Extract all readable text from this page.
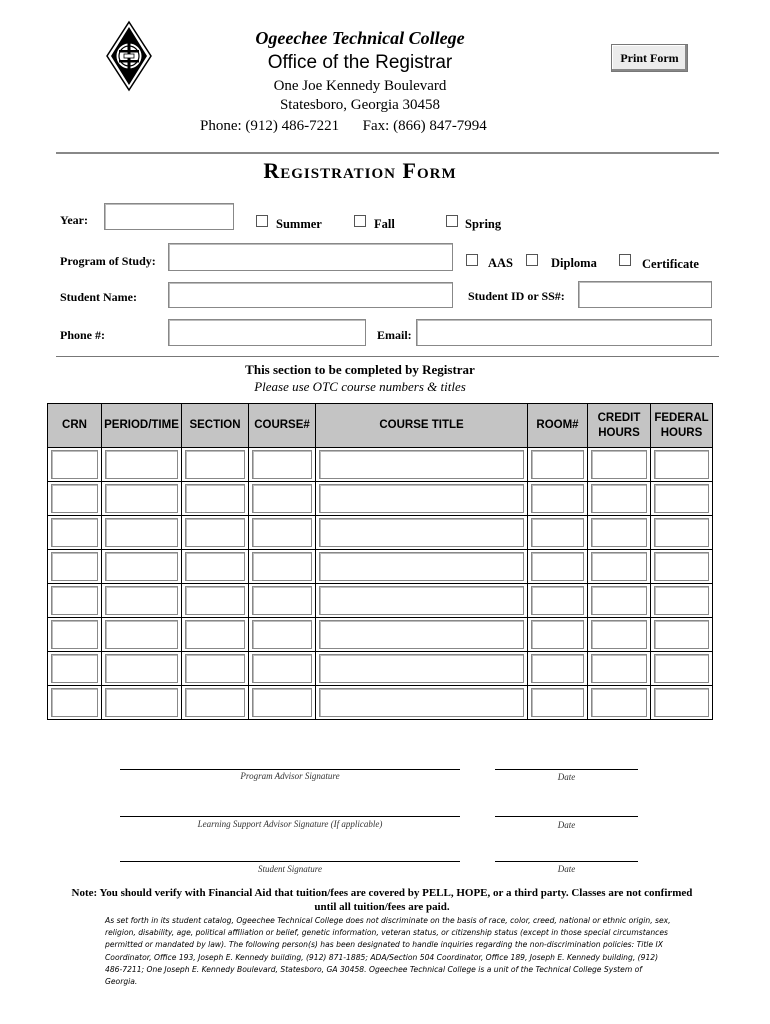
Ogeechee Technical College
Office of the Registrar
One Joe Kennedy Boulevard
Statesboro, Georgia 30458
Phone: (912) 486-7221 Fax: (866) 847-7994
Print Form
Registration Form
Year:	Summer	Fall	Spring
Program of Study:	AAS	Diploma	Certificate
Student Name:	Student ID or SS#:
Phone #:	Email:
This section to be completed by Registrar
Please use OTC course numbers & titles
CRN	PERIOD/TIME	SECTION	COURSE#	COURSE TITLE	ROOM#	CREDIT HOURS	FEDERAL HOURS

Program Advisor Signature	Date
Learning Support Advisor Signature (If applicable)	Date
Student Signature	Date
Note: You should verify with Financial Aid that tuition/fees are covered by PELL, HOPE, or a third party. Classes are not confirmed until all tuition/fees are paid.
As set forth in its student catalog, Ogeechee Technical College does not discriminate on the basis of race, color, creed, national or ethnic origin, sex, religion, disability, age, political affiliation or belief, genetic information, veteran status, or citizenship status (except in those special circumstances permitted or mandated by law). The following person(s) has been designated to handle inquiries regarding the non-discrimination policies: Title IX Coordinator, Office 193, Joseph E. Kennedy building, (912) 871-1885; ADA/Section 504 Coordinator, Office 189, Joseph E. Kennedy building, (912) 486-7211; One Joseph E. Kennedy Boulevard, Statesboro, GA 30458. Ogeechee Technical College is a unit of the Technical College System of Georgia.
